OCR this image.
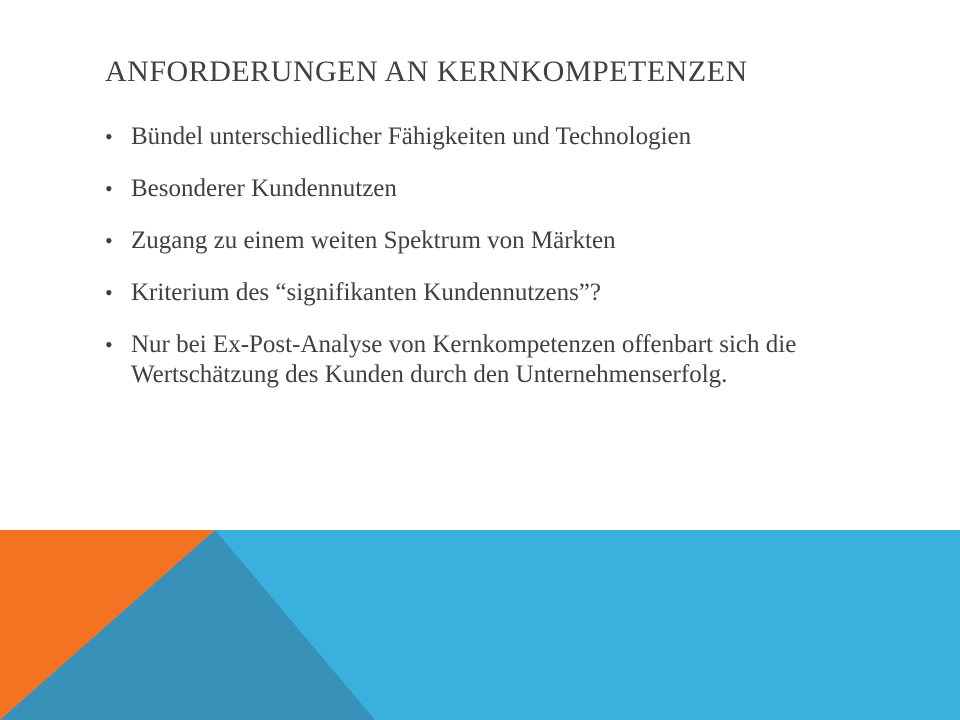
ANFORDERUNGEN AN KERNKOMPETENZEN
• Bündel unterschiedlicher Fähigkeiten und Technologien
• Besonderer Kundennutzen
• Zugang zu einem weiten Spektrum von Märkten
• Kriterium des “signifikanten Kundennutzens”?
• Nur bei Ex-Post-Analyse von Kernkompetenzen offenbart sich die Wertschätzung des Kunden durch den Unternehmenserfolg.
